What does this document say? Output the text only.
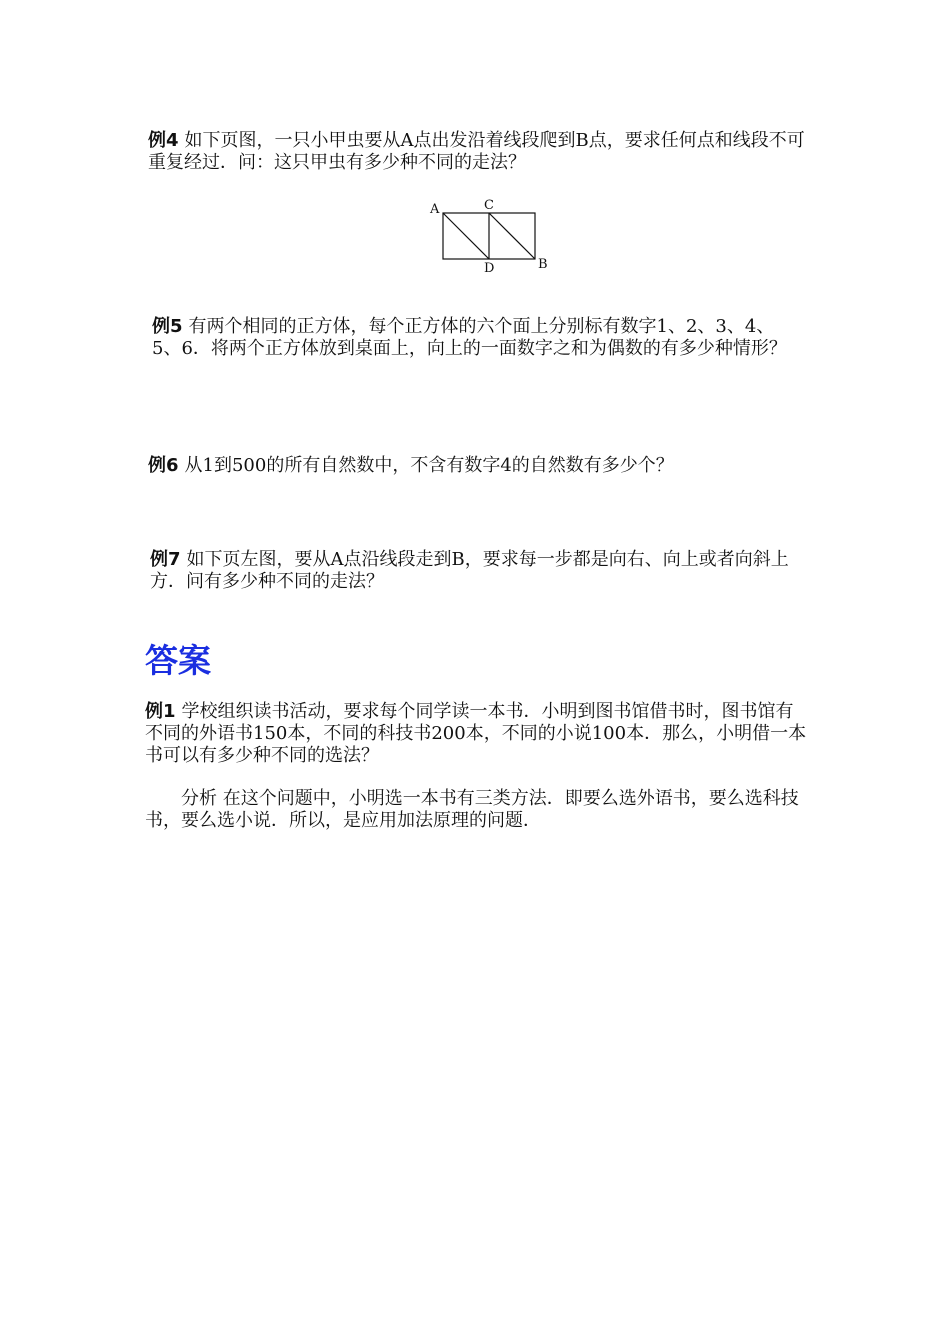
例4 如下页图，一只小甲虫要从A点出发沿着线段爬到B点，要求任何点和线段不可重复经过．问：这只甲虫有多少种不同的走法？

A	C
D	B

例5 有两个相同的正方体，每个正方体的六个面上分别标有数字1、2、3、4、5、6．将两个正方体放到桌面上，向上的一面数字之和为偶数的有多少种情形？

例6 从1到500的所有自然数中，不含有数字4的自然数有多少个？

例7 如下页左图，要从A点沿线段走到B，要求每一步都是向右、向上或者向斜上方．问有多少种不同的走法？

答案

例1 学校组织读书活动，要求每个同学读一本书．小明到图书馆借书时，图书馆有不同的外语书150本，不同的科技书200本，不同的小说100本．那么，小明借一本书可以有多少种不同的选法？

分析 在这个问题中，小明选一本书有三类方法．即要么选外语书，要么选科技书，要么选小说．所以，是应用加法原理的问题．
